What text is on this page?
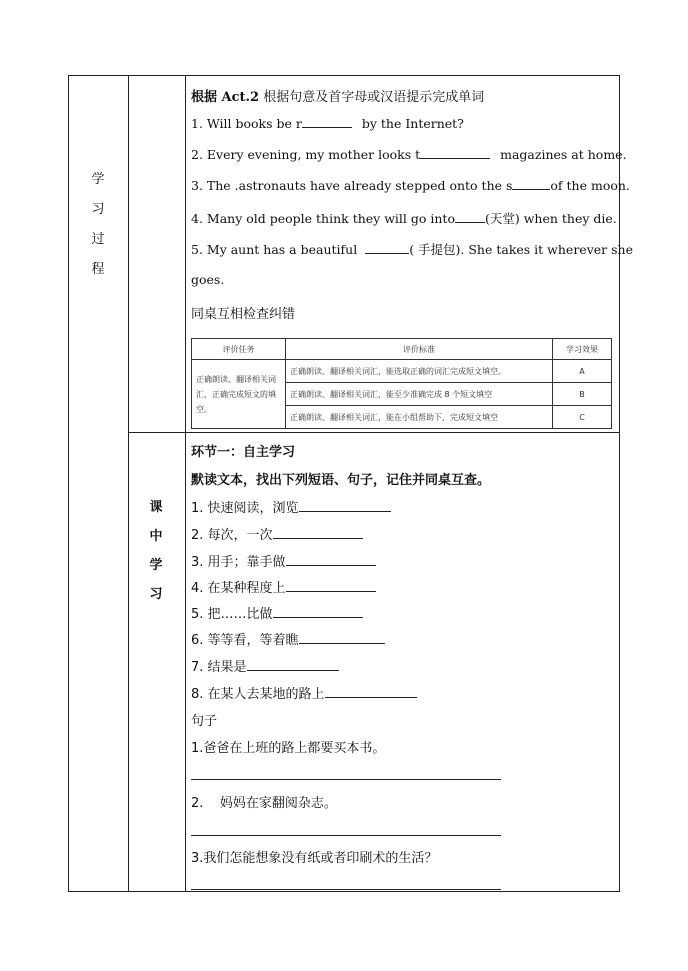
学
习
过
程
课
中
学
习
根据 Act.2 根据句意及首字母或汉语提示完成单词
1. Will books be r	by the Internet?
2. Every evening, my mother looks t	magazines at home.
3. The .astronauts have already stepped onto the s	of the moon.
4. Many old people think they will go into (天堂) when they die.
5. My aunt has a beautiful	( 手提包). She takes it wherever she
goes.
同桌互相检查纠错
评价任务	评价标准	学习效果
正确朗读、翻译相关词汇，正确完成短文的填空。	正确朗读、翻译相关词汇，能选取正确的词汇完成短文填空。	A
	正确朗读、翻译相关词汇，能至少准确完成 8 个短文填空	B
	正确朗读、翻译相关词汇，能在小组帮助下，完成短文填空	C
环节一：自主学习
默读文本，找出下列短语、句子，记住并同桌互查。
1. 快速阅读，浏览
2. 每次，一次
3. 用手；靠手做
4. 在某种程度上
5. 把……比做
6. 等等看，等着瞧
7. 结果是
8. 在某人去某地的路上
句子
1.爸爸在上班的路上都要买本书。
2.    妈妈在家翻阅杂志。
3.我们怎能想象没有纸或者印刷术的生活？
